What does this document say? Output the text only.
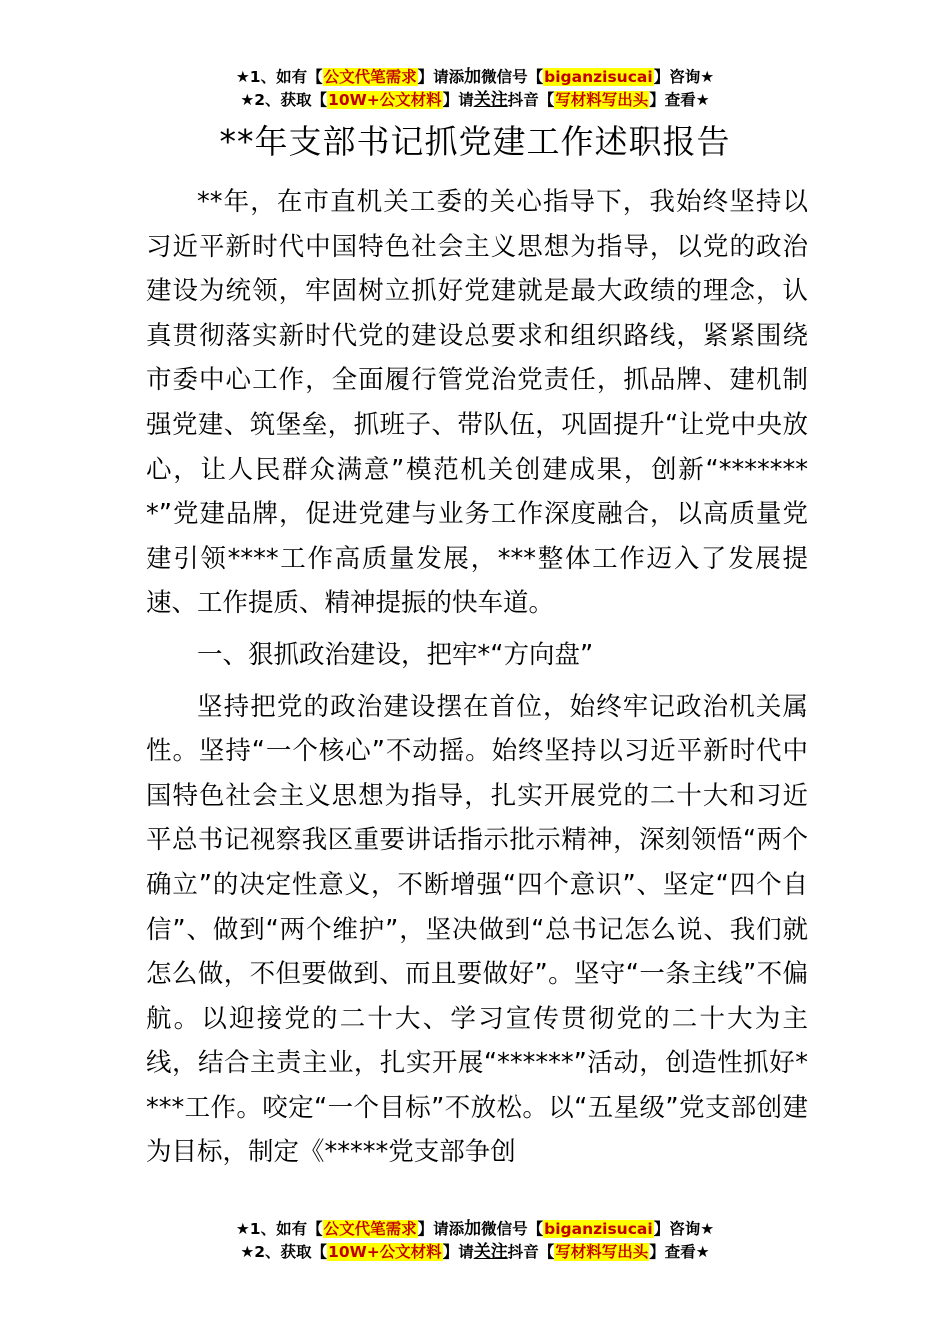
★1、如有【公文代笔需求】请添加微信号【biganzisucai】咨询★
★2、获取【10W+公文材料】请关注抖音【写材料写出头】查看★
**年支部书记抓党建工作述职报告

**年，在市直机关工委的关心指导下，我始终坚持以习近平新时代中国特色社会主义思想为指导，以党的政治建设为统领，牢固树立抓好党建就是最大政绩的理念，认真贯彻落实新时代党的建设总要求和组织路线，紧紧围绕市委中心工作，全面履行管党治党责任，抓品牌、建机制强党建、筑堡垒，抓班子、带队伍，巩固提升“让党中央放心，让人民群众满意”模范机关创建成果，创新“********”党建品牌，促进党建与业务工作深度融合，以高质量党建引领****工作高质量发展，***整体工作迈入了发展提速、工作提质、精神提振的快车道。

一、狠抓政治建设，把牢*“方向盘”

坚持把党的政治建设摆在首位，始终牢记政治机关属性。坚持“一个核心”不动摇。始终坚持以习近平新时代中国特色社会主义思想为指导，扎实开展党的二十大和习近平总书记视察我区重要讲话指示批示精神，深刻领悟“两个确立”的决定性意义，不断增强“四个意识”、坚定“四个自信”、做到“两个维护”，坚决做到“总书记怎么说、我们就怎么做，不但要做到、而且要做好”。坚守“一条主线”不偏航。以迎接党的二十大、学习宣传贯彻党的二十大为主线，结合主责主业，扎实开展“******”活动，创造性抓好****工作。咬定“一个目标”不放松。以“五星级”党支部创建为目标，制定《*****党支部争创

★1、如有【公文代笔需求】请添加微信号【biganzisucai】咨询★
★2、获取【10W+公文材料】请关注抖音【写材料写出头】查看★
